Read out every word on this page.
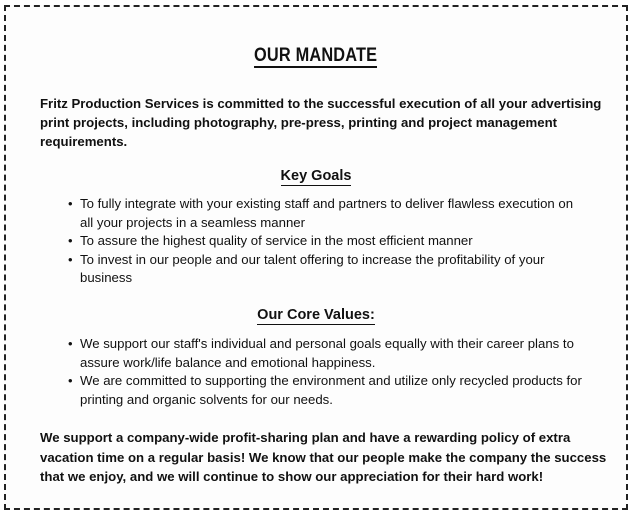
OUR MANDATE
Fritz Production Services is committed to the successful execution of all your advertising print projects, including photography, pre-press, printing and project management requirements.
Key Goals
• To fully integrate with your existing staff and partners to deliver flawless execution on all your projects in a seamless manner
• To assure the highest quality of service in the most efficient manner
• To invest in our people and our talent offering to increase the profitability of your business
Our Core Values:
• We support our staff's individual and personal goals equally with their career plans to assure work/life balance and emotional happiness.
• We are committed to supporting the environment and utilize only recycled products for printing and organic solvents for our needs.
We support a company-wide profit-sharing plan and have a rewarding policy of extra vacation time on a regular basis! We know that our people make the company the success that we enjoy, and we will continue to show our appreciation for their hard work!
